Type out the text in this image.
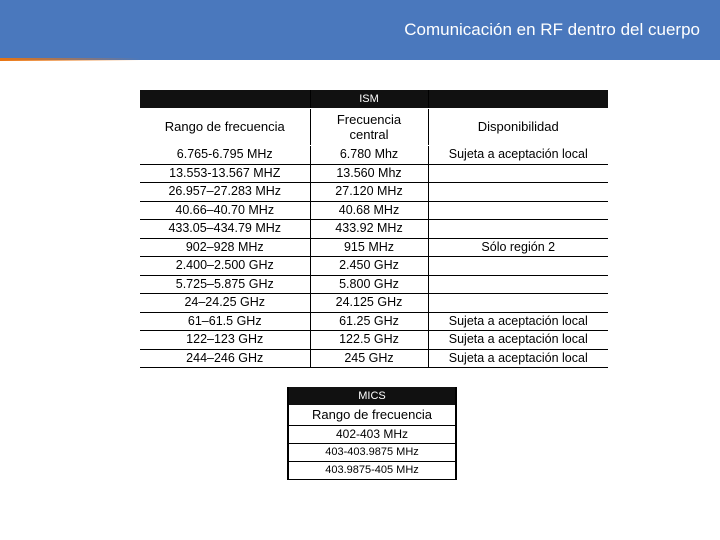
Comunicación en RF dentro del cuerpo
	ISM	
Rango de frecuencia	Frecuencia central	Disponibilidad
6.765-6.795 MHz	6.780 Mhz	Sujeta a aceptación local
13.553-13.567 MHZ	13.560 Mhz	
26.957–27.283 MHz	27.120 MHz	
40.66–40.70 MHz	40.68 MHz	
433.05–434.79 MHz	433.92 MHz	
902–928 MHz	915 MHz	Sólo región 2
2.400–2.500 GHz	2.450 GHz	
5.725–5.875 GHz	5.800 GHz	
24–24.25 GHz	24.125 GHz	
61–61.5 GHz	61.25 GHz	Sujeta a aceptación local
122–123 GHz	122.5 GHz	Sujeta a aceptación local
244–246 GHz	245 GHz	Sujeta a aceptación local
MICS
Rango de frecuencia
402-403 MHz
403-403.9875 MHz
403.9875-405 MHz
